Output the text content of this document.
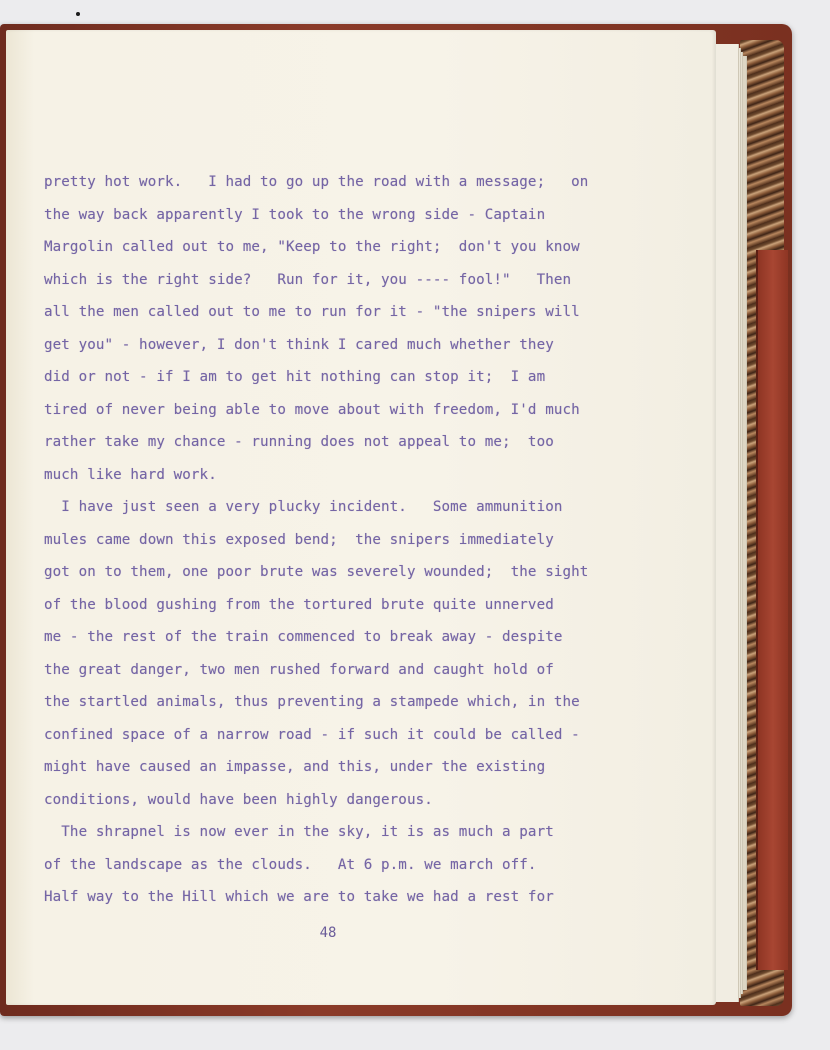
pretty hot work.   I had to go up the road with a message;   on
the way back apparently I took to the wrong side - Captain
Margolin called out to me, "Keep to the right;  don't you know
which is the right side?   Run for it, you ---- fool!"   Then
all the men called out to me to run for it - "the snipers will
get you" - however, I don't think I cared much whether they
did or not - if I am to get hit nothing can stop it;  I am
tired of never being able to move about with freedom, I'd much
rather take my chance - running does not appeal to me;  too
much like hard work.
I have just seen a very plucky incident.   Some ammunition
mules came down this exposed bend;  the snipers immediately
got on to them, one poor brute was severely wounded;  the sight
of the blood gushing from the tortured brute quite unnerved
me - the rest of the train commenced to break away - despite
the great danger, two men rushed forward and caught hold of
the startled animals, thus preventing a stampede which, in the
confined space of a narrow road - if such it could be called -
might have caused an impasse, and this, under the existing
conditions, would have been highly dangerous.
The shrapnel is now ever in the sky, it is as much a part
of the landscape as the clouds.   At 6 p.m. we march off.
Half way to the Hill which we are to take we had a rest for
48
